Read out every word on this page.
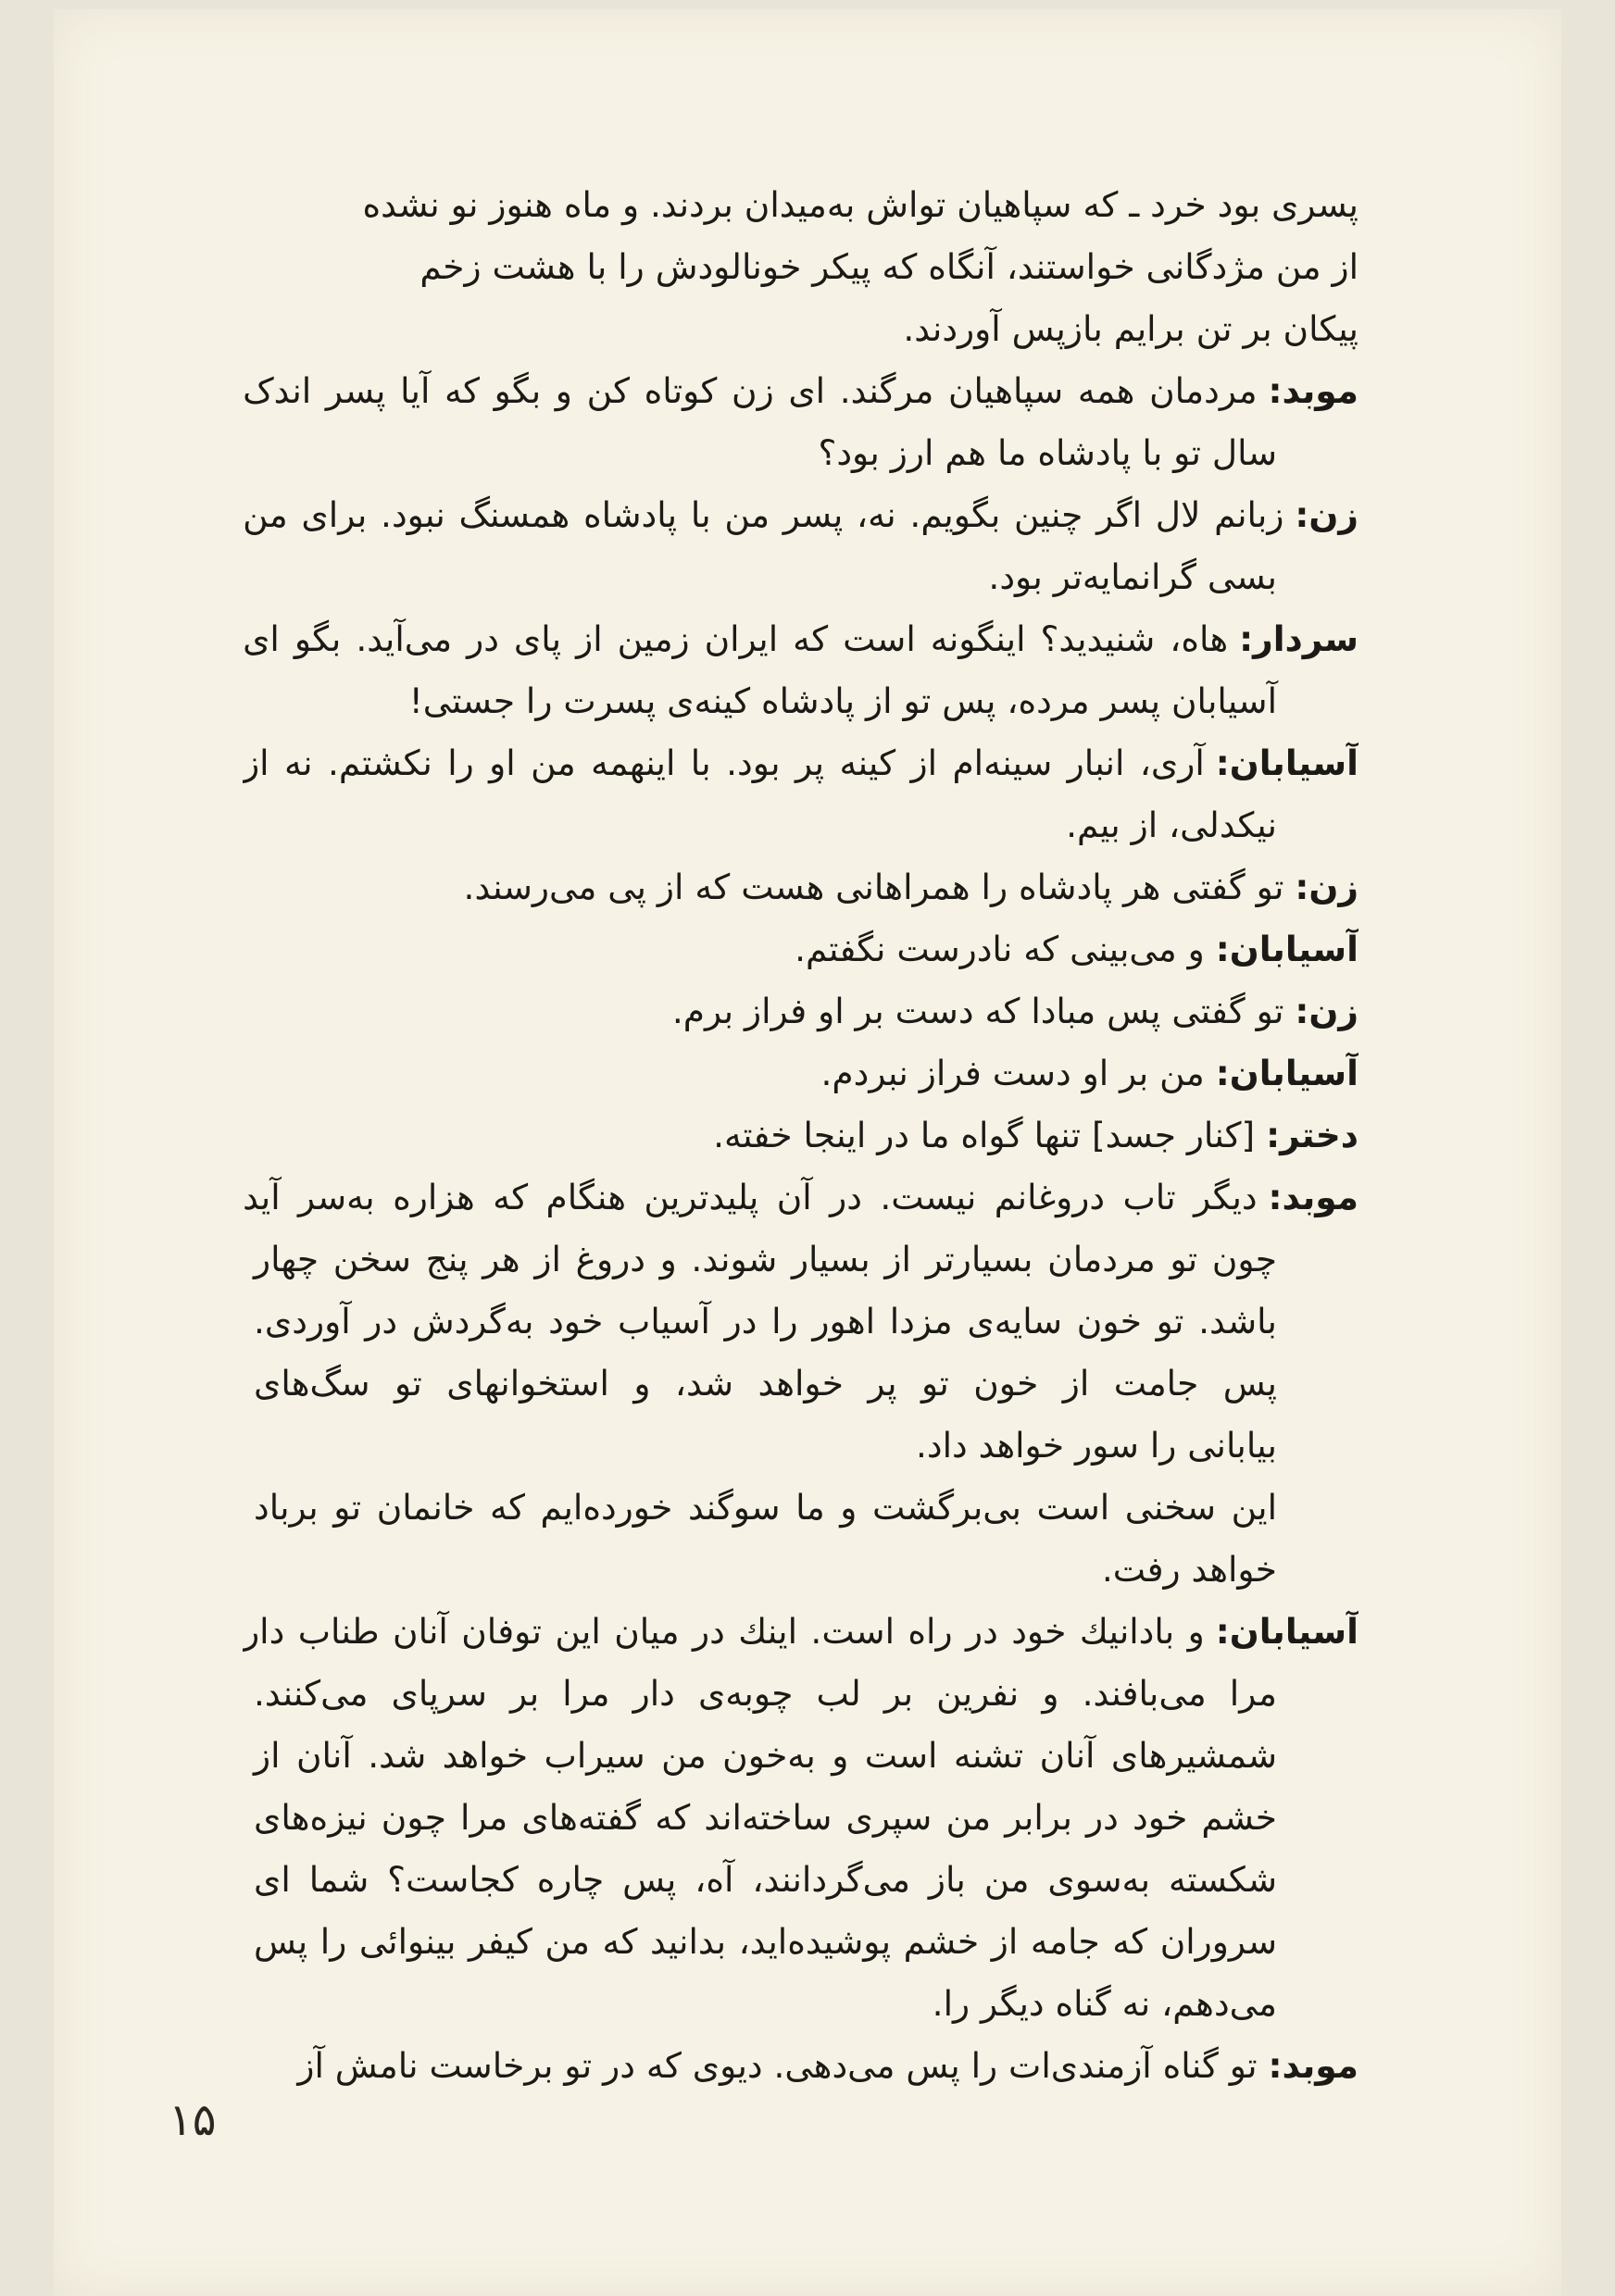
پسری بود خرد ـ که سپاهیان تواش به‌میدان بردند. و ماه هنوز نو نشده
از من مژدگانی خواستند، آنگاه که پیکر خونالودش را با هشت زخم
پیکان بر تن برایم بازپس آوردند.
موبد: مردمان همه سپاهیان مرگند. ای زن کوتاه کن و بگو که آیا پسر اندک
سال تو با پادشاه ما هم ارز بود؟
زن: زبانم لال اگر چنین بگویم. نه، پسر من با پادشاه همسنگ نبود. برای من
بسی گرانمایه‌تر بود.
سردار: هاه، شنیدید؟ اینگونه است که ایران زمین از پای در می‌آید. بگو ای
آسیابان پسر مرده، پس تو از پادشاه کینه‌ی پسرت را جستی!
آسیابان: آری، انبار سینه‌ام از کینه پر بود. با اینهمه من او را نکشتم. نه از
نیکدلی، از بیم.
زن: تو گفتی هر پادشاه را همراهانی هست که از پی می‌رسند.
آسیابان: و می‌بینی که نادرست نگفتم.
زن: تو گفتی پس مبادا که دست بر او فراز برم.
آسیابان: من بر او دست فراز نبردم.
دختر: [کنار جسد] تنها گواه ما در اینجا خفته.
موبد: دیگر تاب دروغانم نیست. در آن پلیدترین هنگام که هزاره به‌سر آید
چون تو مردمان بسیارتر از بسیار شوند. و دروغ از هر پنج سخن چهار
باشد. تو خون سایه‌ی مزدا اهور را در آسیاب خود به‌گردش در آوردی.
پس جامت از خون تو پر خواهد شد، و استخوانهای تو سگ‌های
بیابانی را سور خواهد داد.
این سخنی است بی‌برگشت و ما سوگند خورده‌ایم که خانمان تو برباد
خواهد رفت.
آسیابان: و بادانیك خود در راه است. اینك در میان این توفان آنان طناب دار
مرا می‌بافند. و نفرین بر لب چوبه‌ی دار مرا بر سرپای می‌کنند.
شمشیرهای آنان تشنه است و به‌خون من سیراب خواهد شد. آنان از
خشم خود در برابر من سپری ساخته‌اند که گفته‌های مرا چون نیزه‌های
شکسته به‌سوی من باز می‌گردانند، آه، پس چاره کجاست؟ شما ای
سروران که جامه از خشم پوشیده‌اید، بدانید که من کیفر بینوائی را پس
می‌دهم، نه گناه دیگر را.
موبد: تو گناه آزمندی‌ات را پس می‌دهی. دیوی که در تو برخاست نامش آز
۱۵
